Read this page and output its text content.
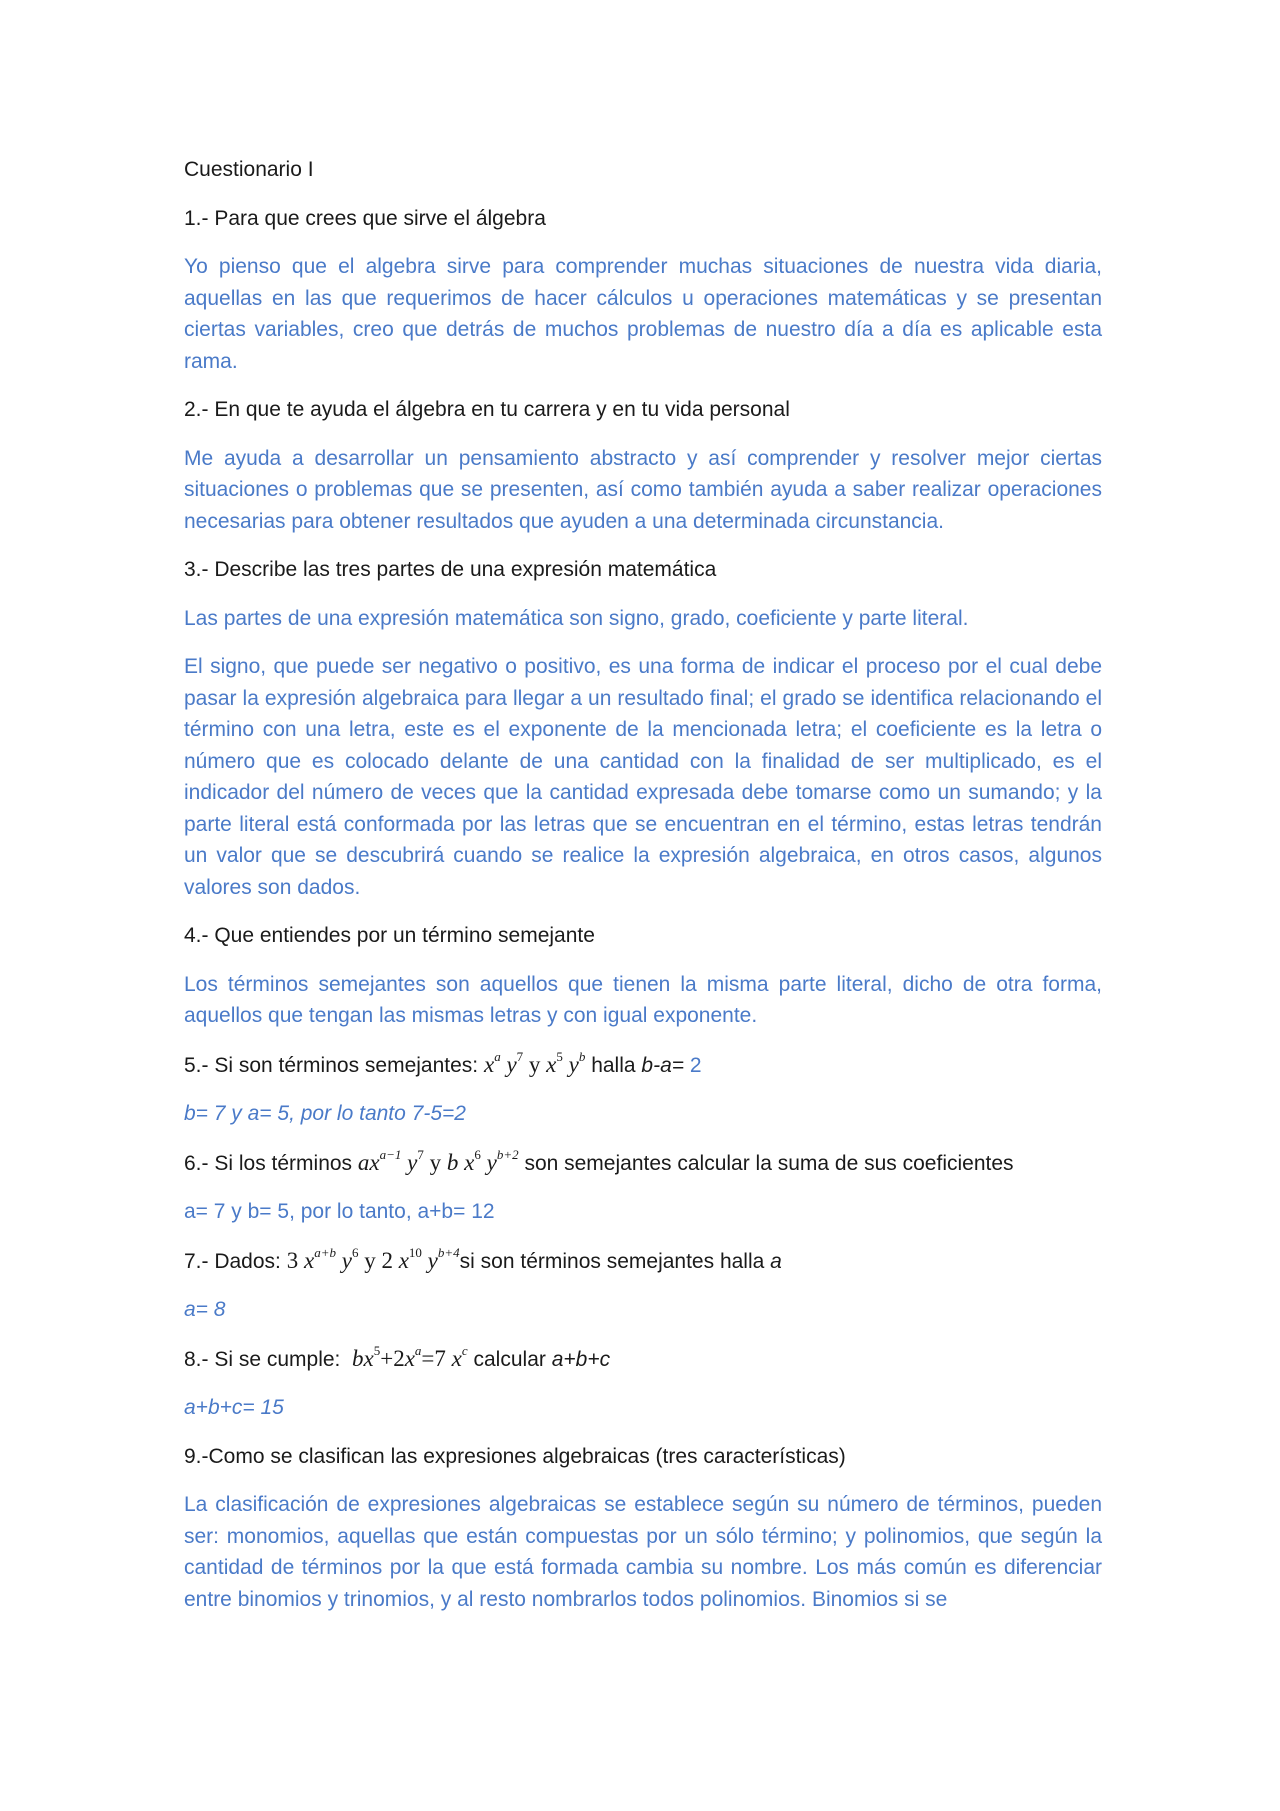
Cuestionario I

1.- Para que crees que sirve el álgebra

Yo pienso que el algebra sirve para comprender muchas situaciones de nuestra vida diaria, aquellas en las que requerimos de hacer cálculos u operaciones matemáticas y se presentan ciertas variables, creo que detrás de muchos problemas de nuestro día a día es aplicable esta rama.

2.- En que te ayuda el álgebra en tu carrera y en tu vida personal

Me ayuda a desarrollar un pensamiento abstracto y así comprender y resolver mejor ciertas situaciones o problemas que se presenten, así como también ayuda a saber realizar operaciones necesarias para obtener resultados que ayuden a una determinada circunstancia.

3.- Describe las tres partes de una expresión matemática

Las partes de una expresión matemática son signo, grado, coeficiente y parte literal.

El signo, que puede ser negativo o positivo, es una forma de indicar el proceso por el cual debe pasar la expresión algebraica para llegar a un resultado final; el grado se identifica relacionando el término con una letra, este es el exponente de la mencionada letra; el coeficiente es la letra o número que es colocado delante de una cantidad con la finalidad de ser multiplicado, es el indicador del número de veces que la cantidad expresada debe tomarse como un sumando; y la parte literal está conformada por las letras que se encuentran en el término, estas letras tendrán un valor que se descubrirá cuando se realice la expresión algebraica, en otros casos, algunos valores son dados.

4.- Que entiendes por un término semejante

Los términos semejantes son aquellos que tienen la misma parte literal, dicho de otra forma, aquellos que tengan las mismas letras y con igual exponente.

5.- Si son términos semejantes: $x^a$ $y^7$ y $x^5$ $y^b$ halla b-a= 2

b= 7 y a= 5, por lo tanto 7-5=2

6.- Si los términos $ax^{a-1}$ $y^7$ y b $x^6$ $y^{b+2}$ son semejantes calcular la suma de sus coeficientes

a= 7 y b= 5, por lo tanto, a+b= 12

7.- Dados: 3 $x^{a+b}$ $y^6$ y 2 $x^{10}$ $y^{b+4}si$ son términos semejantes halla a

a= 8

8.- Si se cumple:  $bx^5+2x^a=7$ $x^c$ calcular a+b+c

a+b+c= 15

9.-Como se clasifican las expresiones algebraicas (tres características)

La clasificación de expresiones algebraicas se establece según su número de términos, pueden ser: monomios, aquellas que están compuestas por un sólo término; y polinomios, que según la cantidad de términos por la que está formada cambia su nombre. Los más común es diferenciar entre binomios y trinomios, y al resto nombrarlos todos polinomios. Binomios si se
